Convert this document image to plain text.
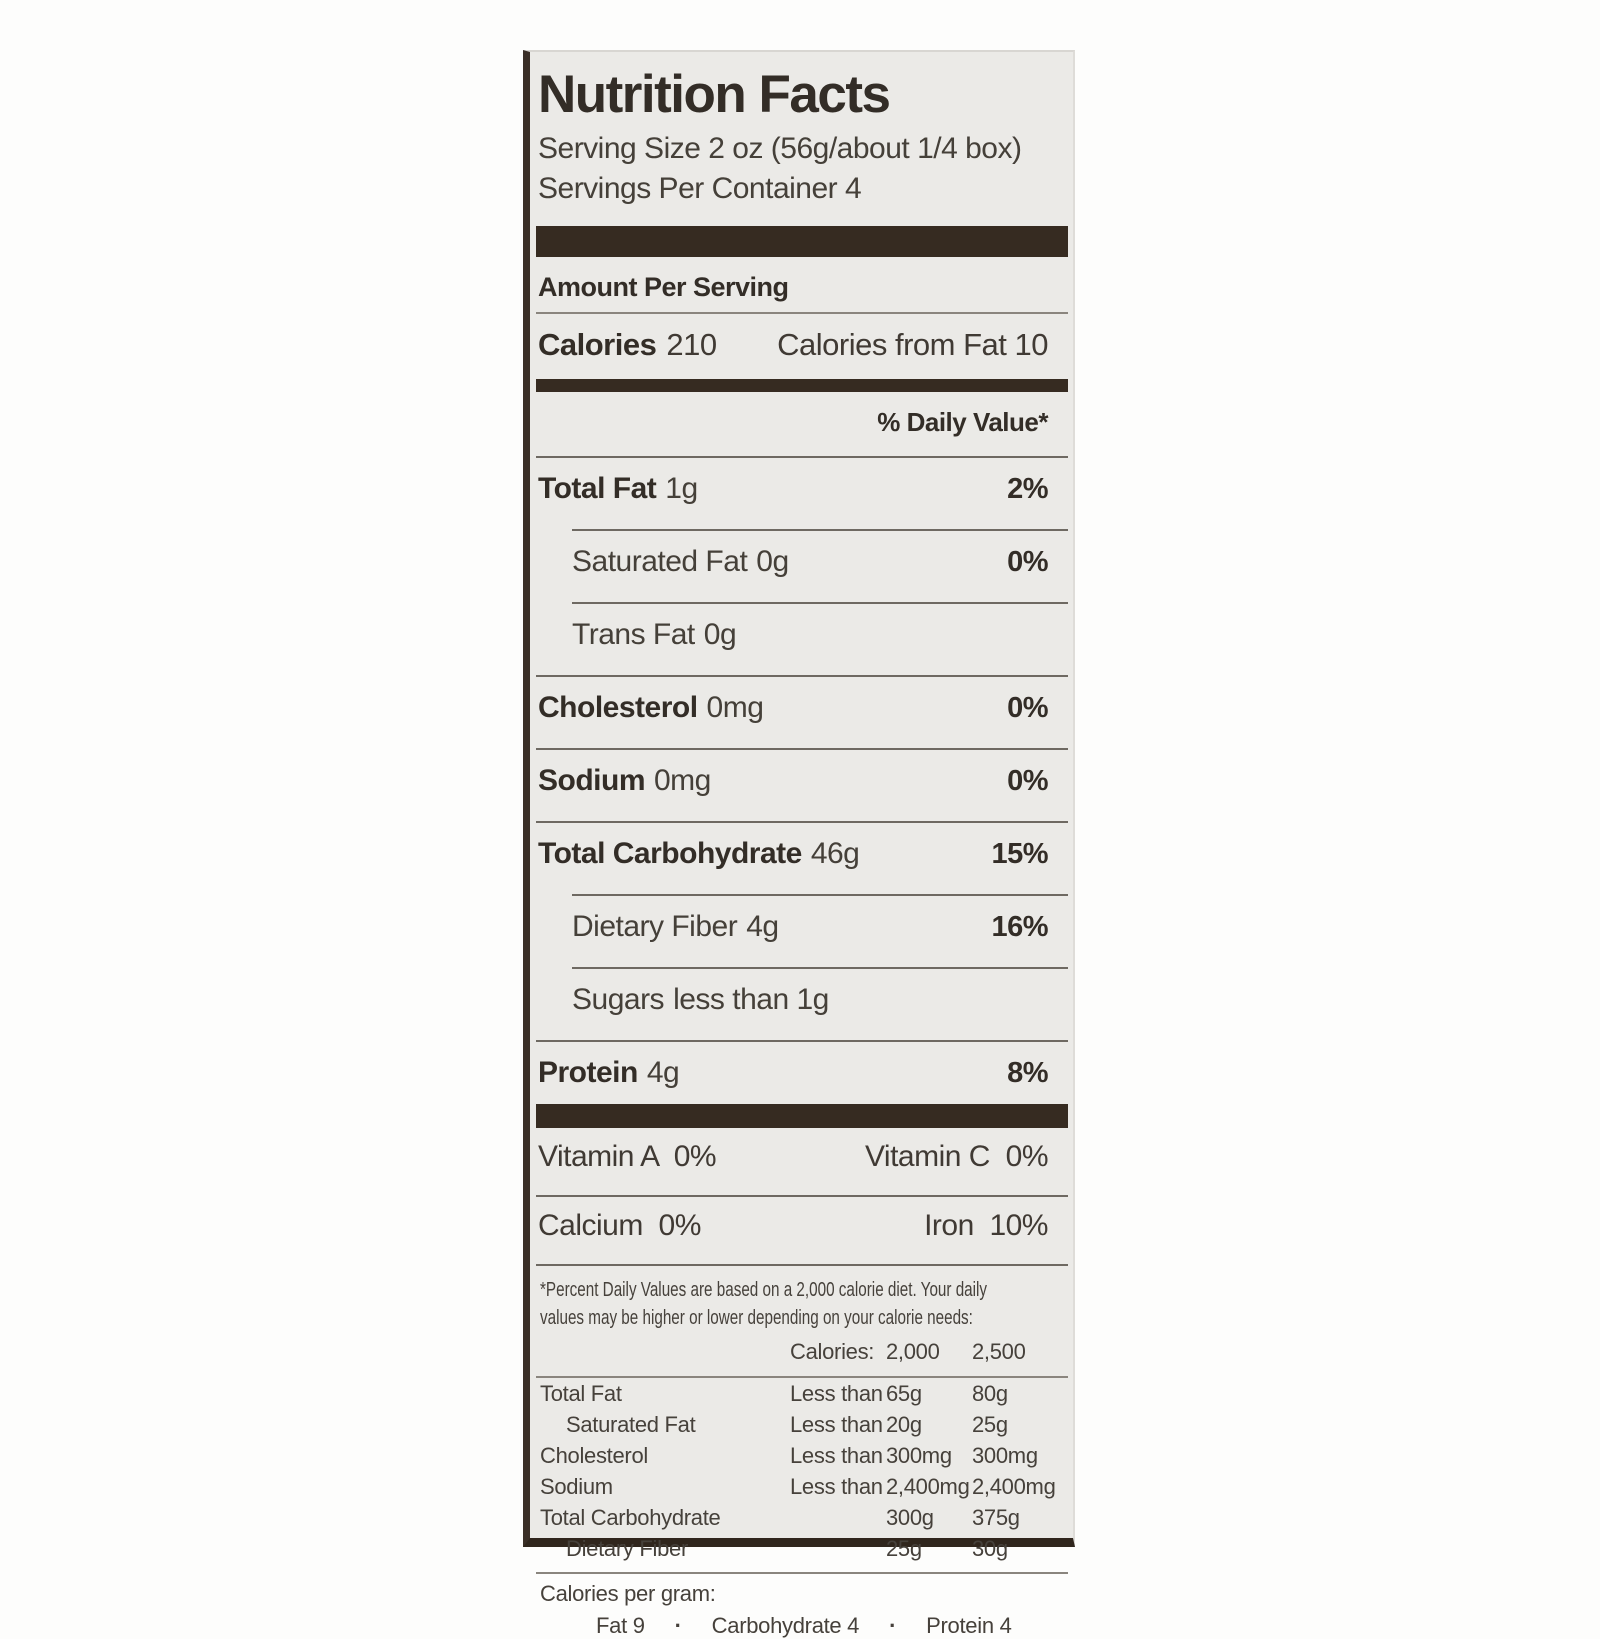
Nutrition Facts
Serving Size 2 oz (56g/about 1/4 box)
Servings Per Container 4
Amount Per Serving
Calories 210 Calories from Fat 10
% Daily Value*
Total Fat 1g	2%
Saturated Fat 0g	0%
Trans Fat 0g
Cholesterol 0mg	0%
Sodium 0mg	0%
Total Carbohydrate 46g	15%
Dietary Fiber 4g	16%
Sugars less than 1g
Protein 4g	8%
Vitamin A  0%	Vitamin C  0%
Calcium  0%	Iron  10%
*Percent Daily Values are based on a 2,000 calorie diet. Your daily
values may be higher or lower depending on your calorie needs:
Calories: 2,000	2,500
Total Fat	Less than 65g	80g
Saturated Fat	Less than 20g	25g
Cholesterol	Less than 300mg 300mg
Sodium	Less than 2,400mg 2,400mg
Total Carbohydrate	300g	375g
Dietary Fiber	25g	30g
Calories per gram:
Fat 9 · Carbohydrate 4 · Protein 4
